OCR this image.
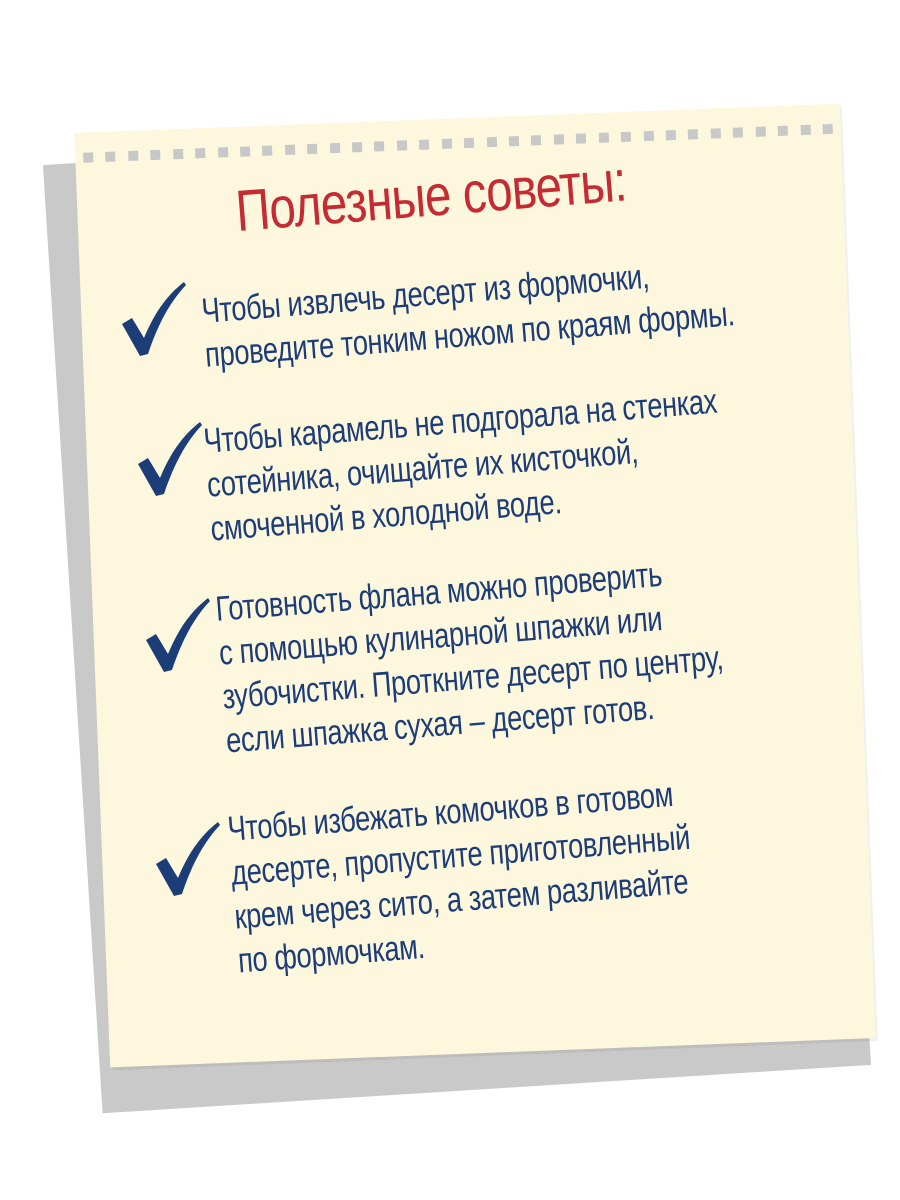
Полезные советы:
Чтобы извлечь десерт из формочки,
проведите тонким ножом по краям формы.
Чтобы карамель не подгорала на стенках
сотейника, очищайте их кисточкой,
смоченной в холодной воде.
Готовность флана можно проверить
с помощью кулинарной шпажки или
зубочистки. Проткните десерт по центру,
если шпажка сухая – десерт готов.
Чтобы избежать комочков в готовом
десерте, пропустите приготовленный
крем через сито, а затем разливайте
по формочкам.
